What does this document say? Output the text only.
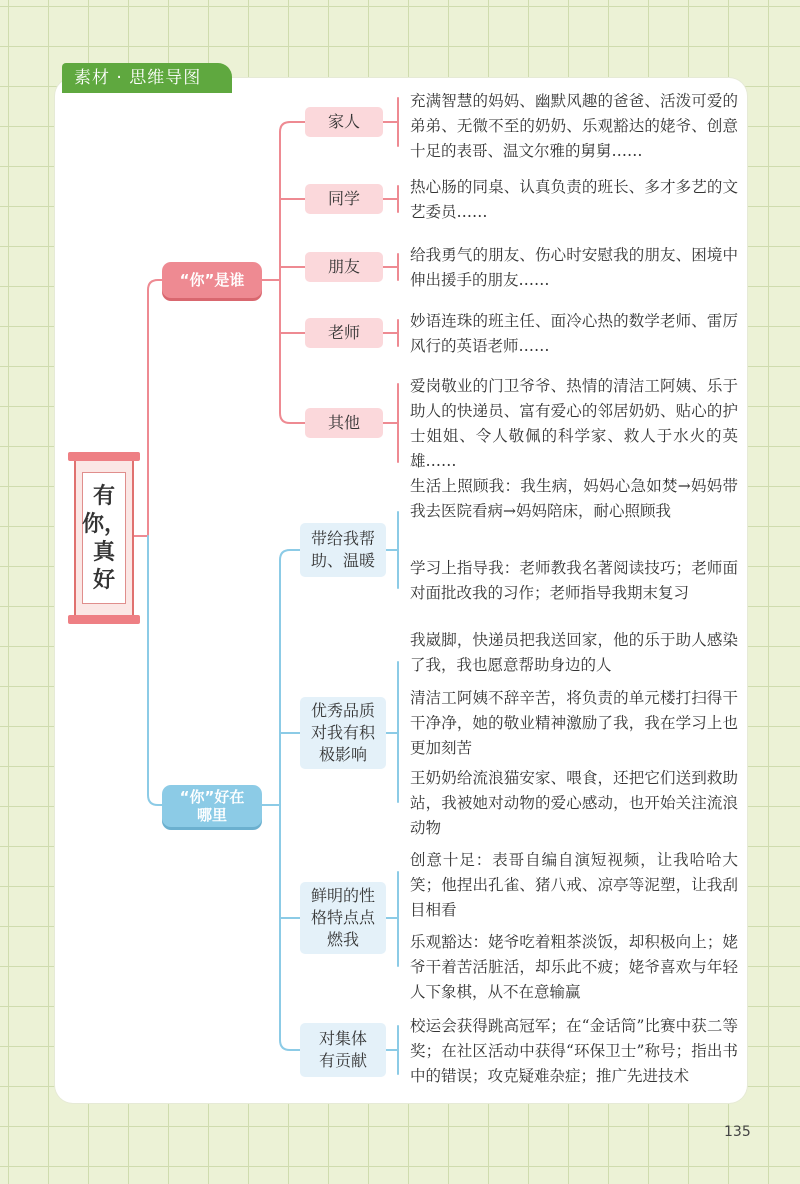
素材 · 思维导图
有你，
真
好
“你”是谁
“你”好在哪里
家人
同学
朋友
老师
其他
充满智慧的妈妈、幽默风趣的爸爸、活泼可爱的弟弟、无微不至的奶奶、乐观豁达的姥爷、创意十足的表哥、温文尔雅的舅舅……
热心肠的同桌、认真负责的班长、多才多艺的文艺委员……
给我勇气的朋友、伤心时安慰我的朋友、困境中伸出援手的朋友……
妙语连珠的班主任、面冷心热的数学老师、雷厉风行的英语老师……
爱岗敬业的门卫爷爷、热情的清洁工阿姨、乐于助人的快递员、富有爱心的邻居奶奶、贴心的护士姐姐、令人敬佩的科学家、救人于水火的英雄……
带给我帮助、温暖
优秀品质对我有积极影响
鲜明的性格特点点燃我
对集体有贡献
生活上照顾我：我生病，妈妈心急如焚→妈妈带我去医院看病→妈妈陪床，耐心照顾我
学习上指导我：老师教我名著阅读技巧；老师面对面批改我的习作；老师指导我期末复习
我崴脚，快递员把我送回家，他的乐于助人感染了我，我也愿意帮助身边的人
清洁工阿姨不辞辛苦，将负责的单元楼打扫得干干净净，她的敬业精神激励了我，我在学习上也更加刻苦
王奶奶给流浪猫安家、喂食，还把它们送到救助站，我被她对动物的爱心感动，也开始关注流浪动物
创意十足：表哥自编自演短视频，让我哈哈大笑；他捏出孔雀、猪八戒、凉亭等泥塑，让我刮目相看
乐观豁达：姥爷吃着粗茶淡饭，却积极向上；姥爷干着苦活脏活，却乐此不疲；姥爷喜欢与年轻人下象棋，从不在意输赢
校运会获得跳高冠军；在“金话筒”比赛中获二等奖；在社区活动中获得“环保卫士”称号；指出书中的错误；攻克疑难杂症；推广先进技术
135
